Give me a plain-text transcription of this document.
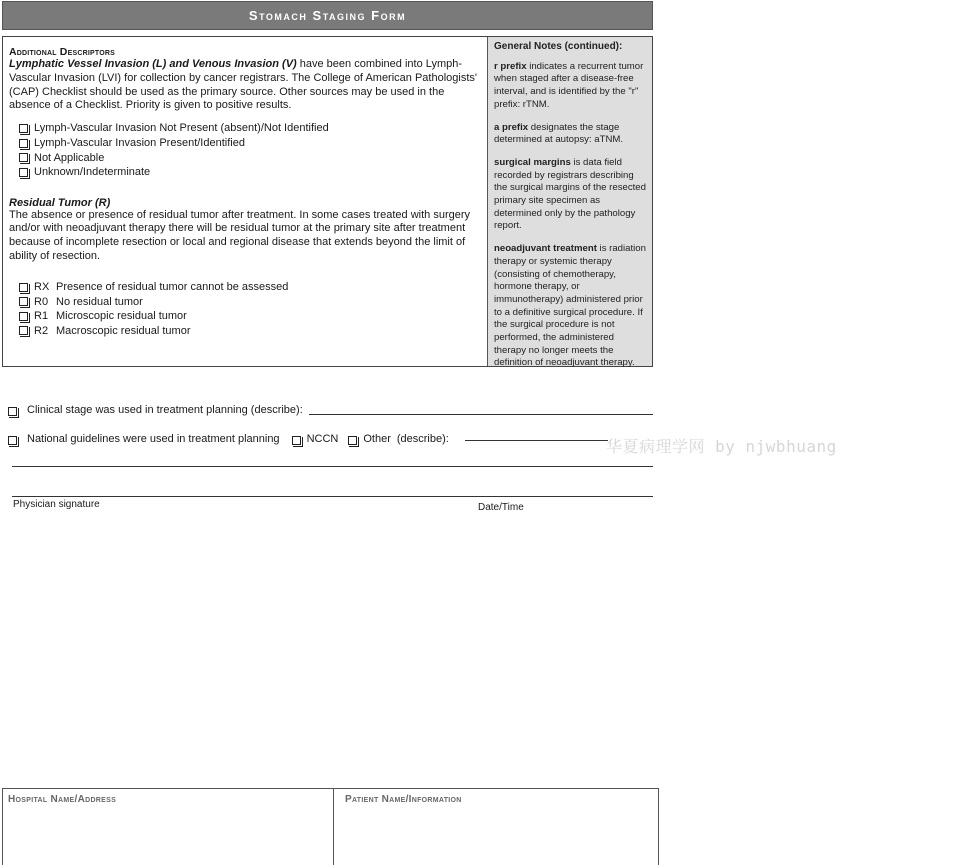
Stomach Staging Form
Additional Descriptors
Lymphatic Vessel Invasion (L) and Venous Invasion (V) have been combined into Lymph-Vascular Invasion (LVI) for collection by cancer registrars. The College of American Pathologists' (CAP) Checklist should be used as the primary source. Other sources may be used in the absence of a Checklist. Priority is given to positive results.
Lymph-Vascular Invasion Not Present (absent)/Not Identified
Lymph-Vascular Invasion Present/Identified
Not Applicable
Unknown/Indeterminate
Residual Tumor (R)
The absence or presence of residual tumor after treatment. In some cases treated with surgery and/or with neoadjuvant therapy there will be residual tumor at the primary site after treatment because of incomplete resection or local and regional disease that extends beyond the limit of ability of resection.
RX Presence of residual tumor cannot be assessed
R0 No residual tumor
R1 Microscopic residual tumor
R2 Macroscopic residual tumor
General Notes (continued):
r prefix indicates a recurrent tumor when staged after a disease-free interval, and is identified by the "r" prefix: rTNM.
a prefix designates the stage determined at autopsy: aTNM.
surgical margins is data field recorded by registrars describing the surgical margins of the resected primary site specimen as determined only by the pathology report.
neoadjuvant treatment is radiation therapy or systemic therapy (consisting of chemotherapy, hormone therapy, or immunotherapy) administered prior to a definitive surgical procedure. If the surgical procedure is not performed, the administered therapy no longer meets the definition of neoadjuvant therapy.
Clinical stage was used in treatment planning (describe):
National guidelines were used in treatment planning NCCN Other (describe):	华夏病理学网 by njwbhuang
Physician signature	Date/Time
Hospital Name/Address	Patient Name/Information
